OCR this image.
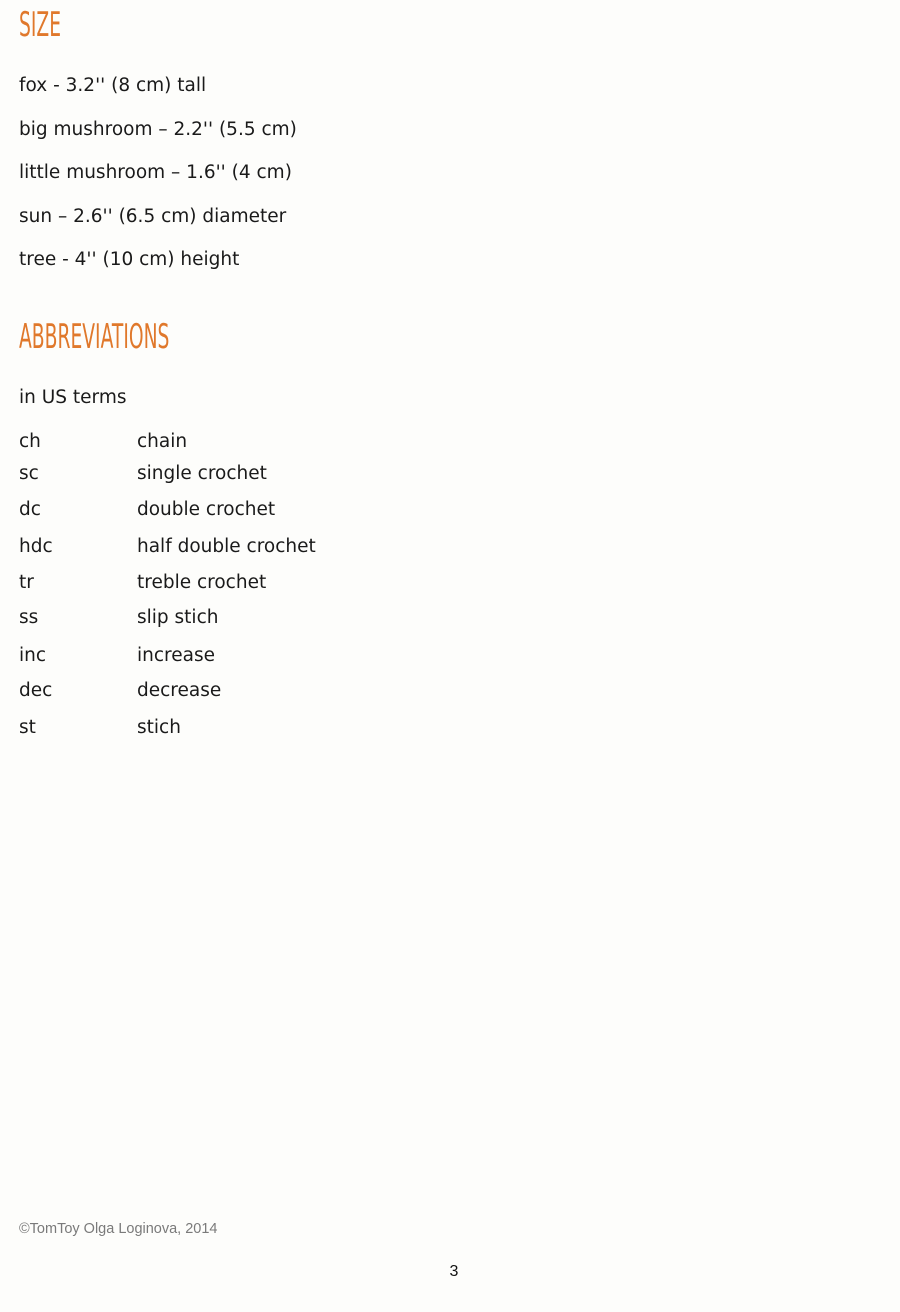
SIZE
fox - 3.2'' (8 cm) tall
big mushroom – 2.2'' (5.5 cm)
little mushroom – 1.6'' (4 cm)
sun – 2.6'' (6.5 cm) diameter
tree - 4'' (10 cm) height
ABBREVIATIONS
in US terms
ch	chain
sc	single crochet
dc	double crochet
hdc	half double crochet
tr	treble crochet
ss	slip stich
inc	increase
dec	decrease
st	stich
©TomToy Olga Loginova, 2014
3
